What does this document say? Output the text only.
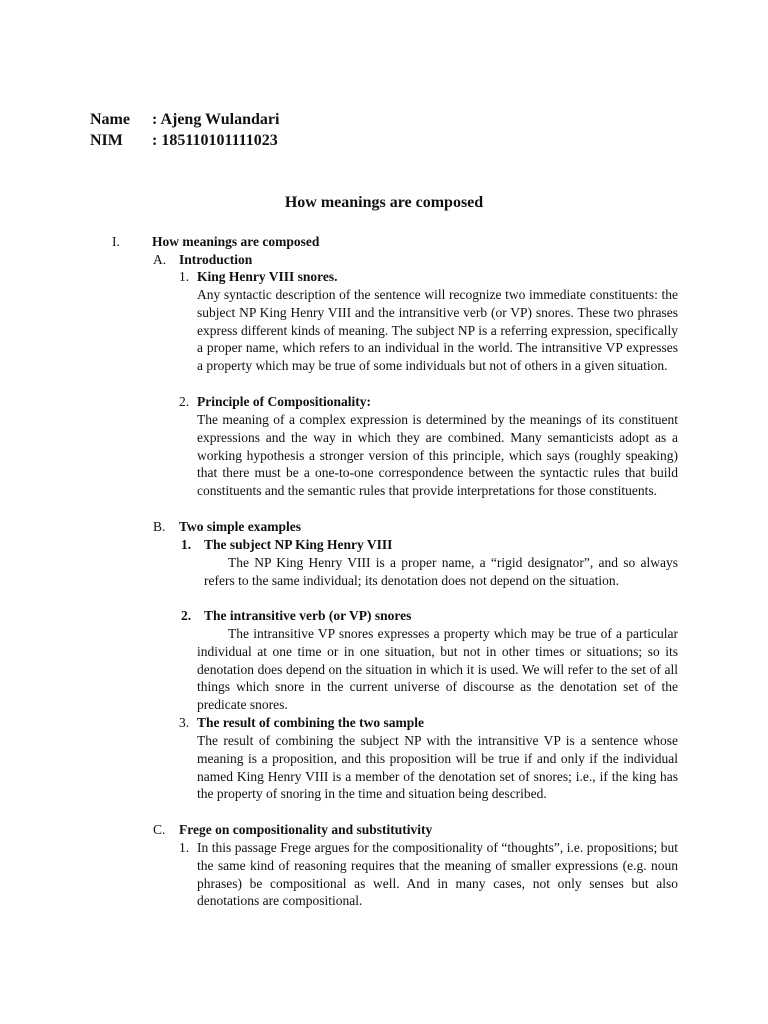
Name : Ajeng Wulandari
NIM : 185110101111023
How meanings are composed
I. How meanings are composed
A. Introduction
1. King Henry VIII snores.
Any syntactic description of the sentence will recognize two immediate constituents: the subject NP King Henry VIII and the intransitive verb (or VP) snores. These two phrases express different kinds of meaning. The subject NP is a referring expression, specifically a proper name, which refers to an individual in the world. The intransitive VP expresses a property which may be true of some individuals but not of others in a given situation.
2. Principle of Compositionality:
The meaning of a complex expression is determined by the meanings of its constituent expressions and the way in which they are combined. Many semanticists adopt as a working hypothesis a stronger version of this principle, which says (roughly speaking) that there must be a one-to-one correspondence between the syntactic rules that build constituents and the semantic rules that provide interpretations for those constituents.
B. Two simple examples
1. The subject NP King Henry VIII
The NP King Henry VIII is a proper name, a “rigid designator”, and so always refers to the same individual; its denotation does not depend on the situation.
2. The intransitive verb (or VP) snores
The intransitive VP snores expresses a property which may be true of a particular individual at one time or in one situation, but not in other times or situations; so its denotation does depend on the situation in which it is used. We will refer to the set of all things which snore in the current universe of discourse as the denotation set of the predicate snores.
3. The result of combining the two sample
The result of combining the subject NP with the intransitive VP is a sentence whose meaning is a proposition, and this proposition will be true if and only if the individual named King Henry VIII is a member of the denotation set of snores; i.e., if the king has the property of snoring in the time and situation being described.
C. Frege on compositionality and substitutivity
1. In this passage Frege argues for the compositionality of “thoughts”, i.e. propositions; but the same kind of reasoning requires that the meaning of smaller expressions (e.g. noun phrases) be compositional as well. And in many cases, not only senses but also denotations are compositional.
